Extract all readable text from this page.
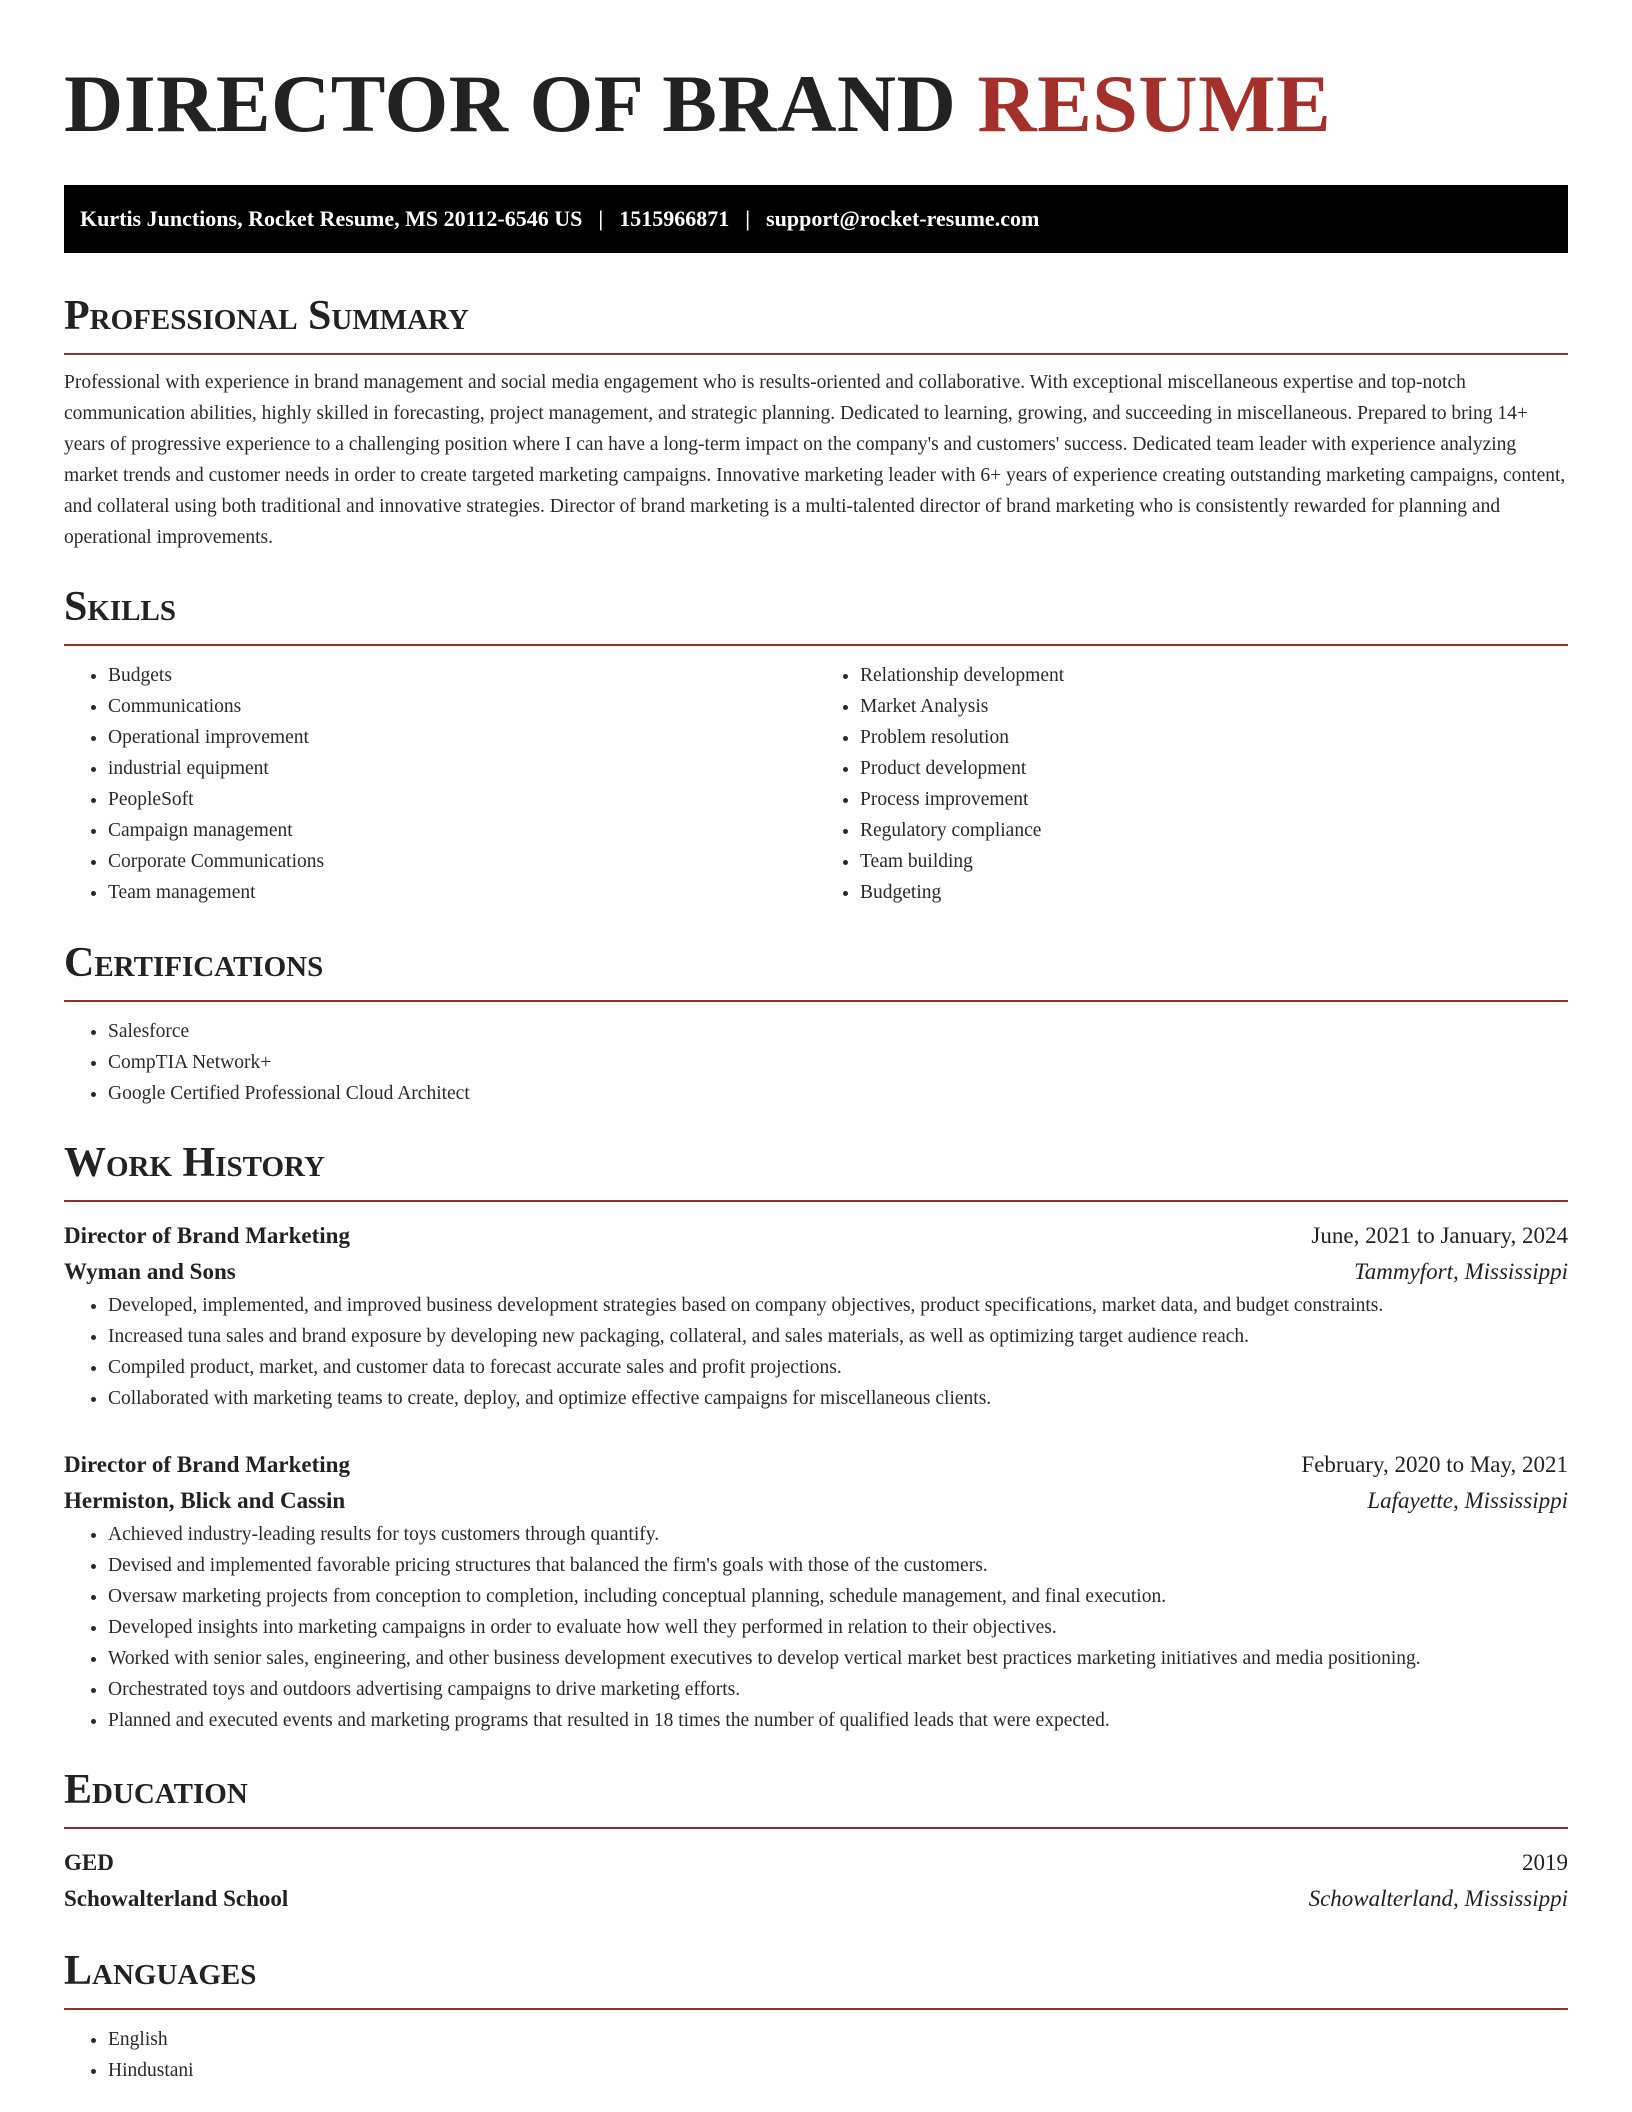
DIRECTOR OF BRAND RESUME
Kurtis Junctions, Rocket Resume, MS 20112-6546 US | 1515966871 | support@rocket-resume.com
Professional Summary

Professional with experience in brand management and social media engagement who is results-oriented and collaborative. With exceptional miscellaneous expertise and top-notch communication abilities, highly skilled in forecasting, project management, and strategic planning. Dedicated to learning, growing, and succeeding in miscellaneous. Prepared to bring 14+ years of progressive experience to a challenging position where I can have a long-term impact on the company's and customers' success. Dedicated team leader with experience analyzing market trends and customer needs in order to create targeted marketing campaigns. Innovative marketing leader with 6+ years of experience creating outstanding marketing campaigns, content, and collateral using both traditional and innovative strategies. Director of brand marketing is a multi-talented director of brand marketing who is consistently rewarded for planning and operational improvements.

Skills
• Budgets
• Communications
• Operational improvement
• industrial equipment
• PeopleSoft
• Campaign management
• Corporate Communications
• Team management
• Relationship development
• Market Analysis
• Problem resolution
• Product development
• Process improvement
• Regulatory compliance
• Team building
• Budgeting
Certifications
• Salesforce
• CompTIA Network+
• Google Certified Professional Cloud Architect
Work History
Director of Brand Marketing	June, 2021 to January, 2024
Wyman and Sons	Tammyfort, Mississippi
• Developed, implemented, and improved business development strategies based on company objectives, product specifications, market data, and budget constraints.
• Increased tuna sales and brand exposure by developing new packaging, collateral, and sales materials, as well as optimizing target audience reach.
• Compiled product, market, and customer data to forecast accurate sales and profit projections.
• Collaborated with marketing teams to create, deploy, and optimize effective campaigns for miscellaneous clients.
Director of Brand Marketing	February, 2020 to May, 2021
Hermiston, Blick and Cassin	Lafayette, Mississippi
• Achieved industry-leading results for toys customers through quantify.
• Devised and implemented favorable pricing structures that balanced the firm's goals with those of the customers.
• Oversaw marketing projects from conception to completion, including conceptual planning, schedule management, and final execution.
• Developed insights into marketing campaigns in order to evaluate how well they performed in relation to their objectives.
• Worked with senior sales, engineering, and other business development executives to develop vertical market best practices marketing initiatives and media positioning.
• Orchestrated toys and outdoors advertising campaigns to drive marketing efforts.
• Planned and executed events and marketing programs that resulted in 18 times the number of qualified leads that were expected.
Education
GED	2019
Schowalterland School	Schowalterland, Mississippi
Languages
• English
• Hindustani
